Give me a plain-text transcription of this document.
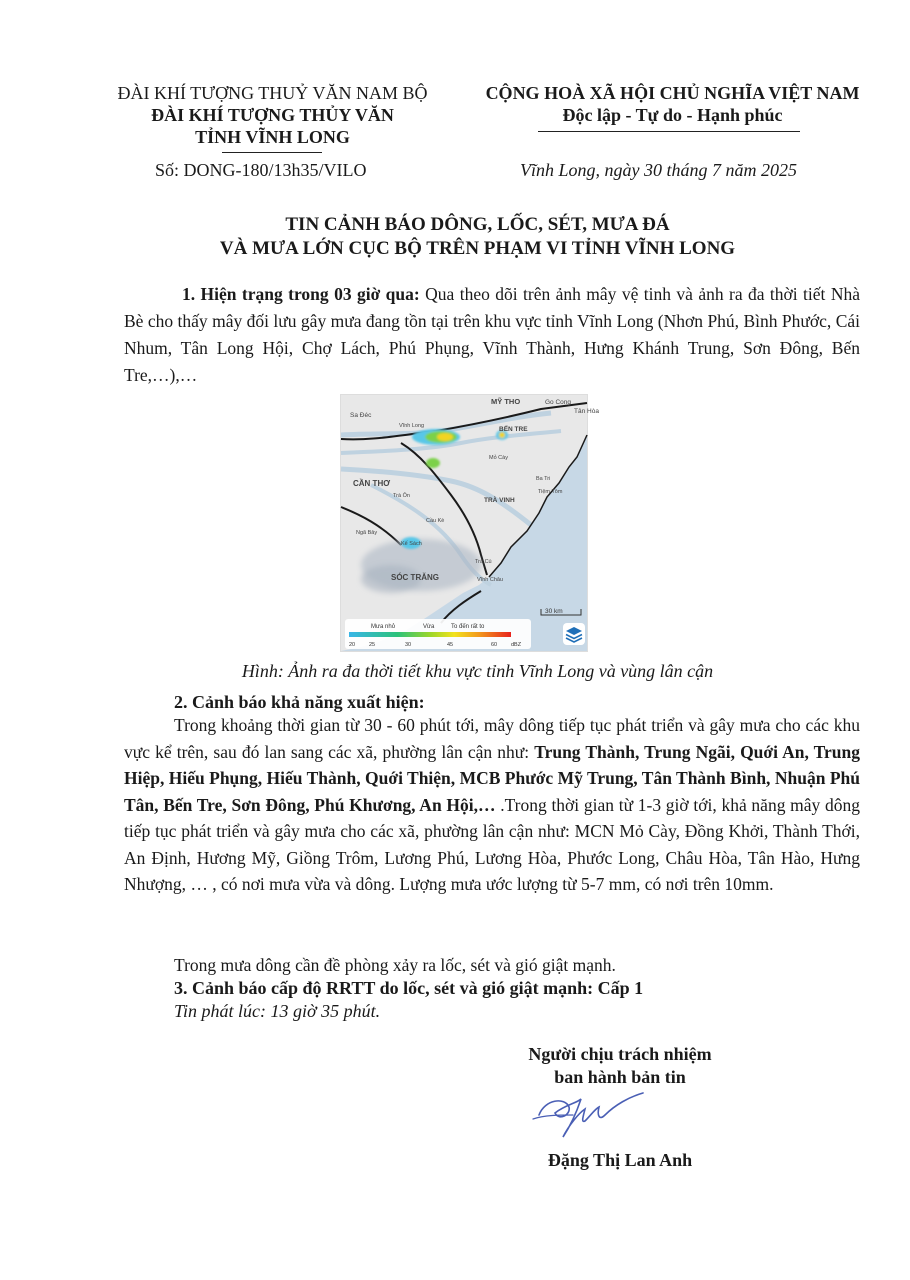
ĐÀI KHÍ TƯỢNG THUỶ VĂN NAM BỘ
ĐÀI KHÍ TƯỢNG THỦY VĂN
TỈNH VĨNH LONG
CỘNG HOÀ XÃ HỘI CHỦ NGHĨA VIỆT NAM
Độc lập - Tự do - Hạnh phúc
Số: DONG-180/13h35/VILO	Vĩnh Long, ngày 30 tháng 7 năm 2025
TIN CẢNH BÁO DÔNG, LỐC, SÉT, MƯA ĐÁ
VÀ MƯA LỚN CỤC BỘ TRÊN PHẠM VI TỈNH VĨNH LONG
1. Hiện trạng trong 03 giờ qua: Qua theo dõi trên ảnh mây vệ tinh và ảnh ra đa thời tiết Nhà Bè cho thấy mây đối lưu gây mưa đang tồn tại trên khu vực tỉnh Vĩnh Long (Nhơn Phú, Bình Phước, Cái Nhum, Tân Long Hội, Chợ Lách, Phú Phụng, Vĩnh Thành, Hưng Khánh Trung, Sơn Đông, Bến Tre,…),…
MỸ THO	Go Cong
Tân Hòa
Sa Đéc
Vĩnh Long	BẾN TRE
Mỏ Cày
Ba Tri
CẦN THƠ
Trà Ôn
TRÀ VINH
Tiệm Tôm
Ngã Bảy
Cầu Kè
Kế Sách
SÓC TRĂNG
Trà Cú
Vĩnh Châu
30 km
Mưa nhỏ	Vừa	To đến rất to
20	25	30	45	60	dBZ
Hình: Ảnh ra đa thời tiết khu vực tỉnh Vĩnh Long và vùng lân cận
2. Cảnh báo khả năng xuất hiện:
Trong khoảng thời gian từ 30 - 60 phút tới, mây dông tiếp tục phát triển và gây mưa cho các khu vực kể trên, sau đó lan sang các xã, phường lân cận như: Trung Thành, Trung Ngãi, Quới An, Trung Hiệp, Hiếu Phụng, Hiếu Thành, Quới Thiện, MCB Phước Mỹ Trung, Tân Thành Bình, Nhuận Phú Tân, Bến Tre, Sơn Đông, Phú Khương, An Hội,… .Trong thời gian từ 1-3 giờ tới, khả năng mây dông tiếp tục phát triển và gây mưa cho các xã, phường lân cận như: MCN Mỏ Cày, Đồng Khởi, Thành Thới, An Định, Hương Mỹ, Giồng Trôm, Lương Phú, Lương Hòa, Phước Long, Châu Hòa, Tân Hào, Hưng Nhượng, … , có nơi mưa vừa và dông. Lượng mưa ước lượng từ 5-7 mm, có nơi trên 10mm.
Trong mưa dông cần đề phòng xảy ra lốc, sét và gió giật mạnh.
3. Cảnh báo cấp độ RRTT do lốc, sét và gió giật mạnh: Cấp 1
Tin phát lúc: 13 giờ 35 phút.
Người chịu trách nhiệm
ban hành bản tin
Đặng Thị Lan Anh
